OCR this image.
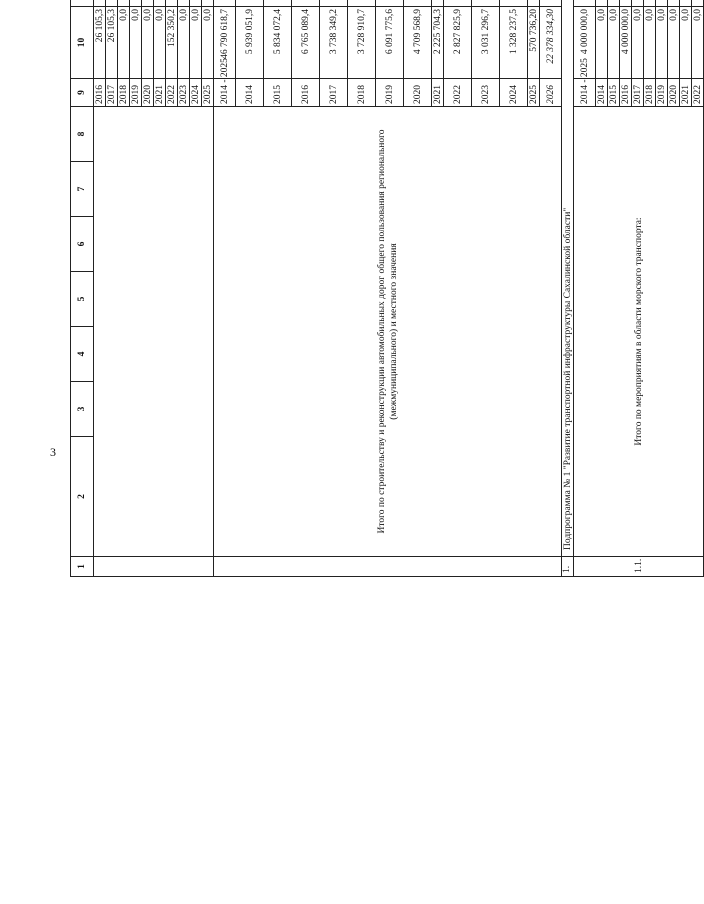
3
1	2	3	4	5	6	7	8	9	10					
								2016	26 105,3					
								2017	26 105,3					
								2018	0,0					
								2019	0,0					
								2020	0,0					
								2021	0,0					
								2022	152 350,2					
								2023	0,0					
								2024	0,0					
								2025	0,0					
	Итого по строительству и реконструкции автомобильных дорог общего пользования регионального (межмуниципального) и местного значения							2014 - 2025	46 790 618,7					
								2014	5 939 051,9					
								2015	5 834 072,4					
								2016	6 765 089,4					
								2017	3 738 349,2					
								2018	3 728 910,7					
								2019	6 091 775,6					
								2020	4 709 568,9					
								2021	2 225 704,3					
								2022	2 827 825,9					
								2023	3 031 296,7					
								2024	1 328 237,5					
								2025	570 736,20					
								2026	22 378 334,30					
1.	Подпрограмма № 1 "Развитие транспортной инфраструктуры Сахалинской области"													
1.1.	Итого по мероприятиям в области морского транспорта:							2014 - 2025	4 000 000,0					
								2014	0,0					
								2015	0,0					
								2016	4 000 000,0					
								2017	0,0					
								2018	0,0					
								2019	0,0					
								2020	0,0					
								2021	0,0					
								2022	0,0					
